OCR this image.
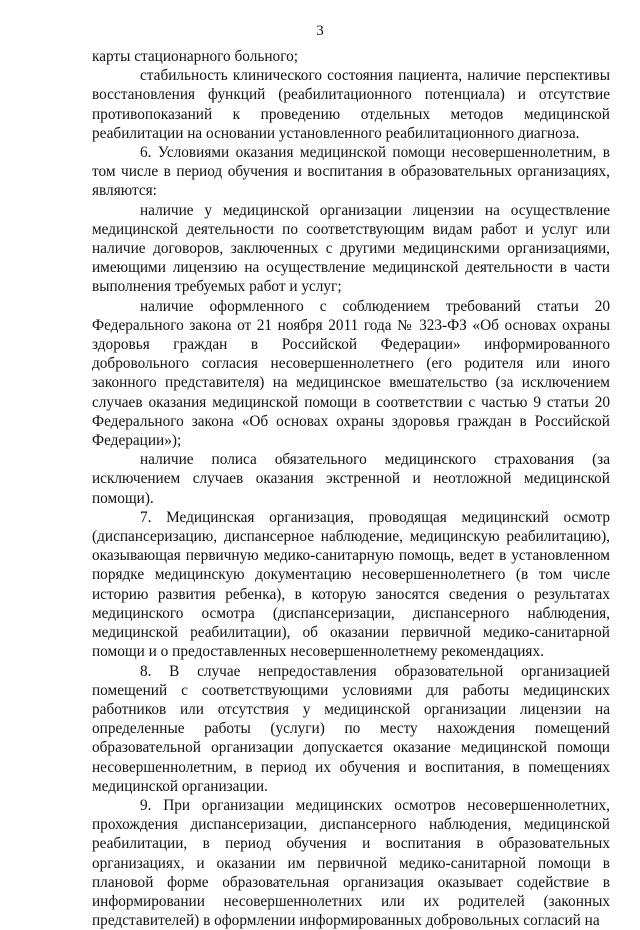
3

карты стационарного больного;

стабильность клинического состояния пациента, наличие перспективы восстановления функций (реабилитационного потенциала) и отсутствие противопоказаний к проведению отдельных методов медицинской реабилитации на основании установленного реабилитационного диагноза.

6. Условиями оказания медицинской помощи несовершеннолетним, в том числе в период обучения и воспитания в образовательных организациях, являются:

наличие у медицинской организации лицензии на осуществление медицинской деятельности по соответствующим видам работ и услуг или наличие договоров, заключенных с другими медицинскими организациями, имеющими лицензию на осуществление медицинской деятельности в части выполнения требуемых работ и услуг;

наличие оформленного с соблюдением требований статьи 20 Федерального закона от 21 ноября 2011 года № 323-ФЗ «Об основах охраны здоровья граждан в Российской Федерации» информированного добровольного согласия несовершеннолетнего (его родителя или иного законного представителя) на медицинское вмешательство (за исключением случаев оказания медицинской помощи в соответствии с частью 9 статьи 20 Федерального закона «Об основах охраны здоровья граждан в Российской Федерации»);

наличие полиса обязательного медицинского страхования (за исключением случаев оказания экстренной и неотложной медицинской помощи).

7. Медицинская организация, проводящая медицинский осмотр (диспансеризацию, диспансерное наблюдение, медицинскую реабилитацию), оказывающая первичную медико-санитарную помощь, ведет в установленном порядке медицинскую документацию несовершеннолетнего (в том числе историю развития ребенка), в которую заносятся сведения о результатах медицинского осмотра (диспансеризации, диспансерного наблюдения, медицинской реабилитации), об оказании первичной медико-санитарной помощи и о предоставленных несовершеннолетнему рекомендациях.

8. В случае непредоставления образовательной организацией помещений с соответствующими условиями для работы медицинских работников или отсутствия у медицинской организации лицензии на определенные работы (услуги) по месту нахождения помещений образовательной организации допускается оказание медицинской помощи несовершеннолетним, в период их обучения и воспитания, в помещениях медицинской организации.

9. При организации медицинских осмотров несовершеннолетних, прохождения диспансеризации, диспансерного наблюдения, медицинской реабилитации, в период обучения и воспитания в образовательных организациях, и оказании им первичной медико-санитарной помощи в плановой форме образовательная организация оказывает содействие в информировании несовершеннолетних или их родителей (законных представителей) в оформлении информированных добровольных согласий на
